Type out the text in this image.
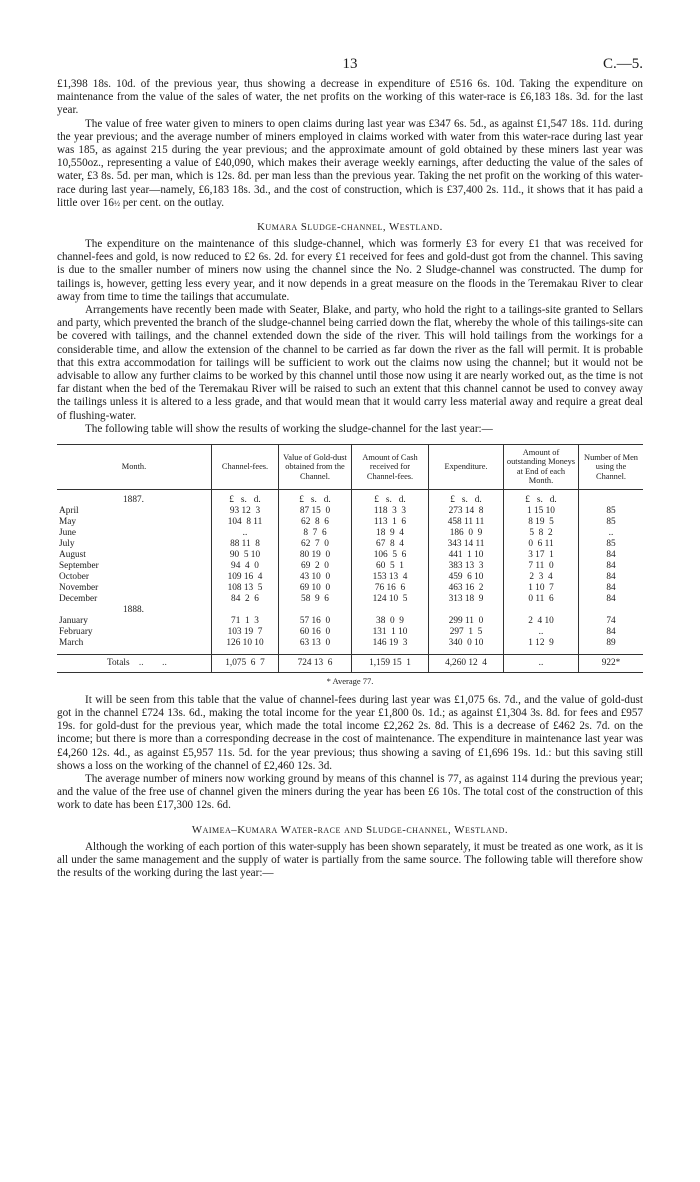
13	C.—5.

£1,398 18s. 10d. of the previous year, thus showing a decrease in expenditure of £516 6s. 10d. Taking the expenditure on maintenance from the value of the sales of water, the net profits on the working of this water-race is £6,183 18s. 3d. for the last year.

The value of free water given to miners to open claims during last year was £347 6s. 5d., as against £1,547 18s. 11d. during the year previous; and the average number of miners employed in claims worked with water from this water-race during last year was 185, as against 215 during the year previous; and the approximate amount of gold obtained by these miners last year was 10,550oz., representing a value of £40,090, which makes their average weekly earnings, after deducting the value of the sales of water, £3 8s. 5d. per man, which is 12s. 8d. per man less than the previous year. Taking the net profit on the working of this water-race during last year—namely, £6,183 18s. 3d., and the cost of construction, which is £37,400 2s. 11d., it shows that it has paid a little over 16½ per cent. on the outlay.

Kumara Sludge-channel, Westland.

The expenditure on the maintenance of this sludge-channel, which was formerly £3 for every £1 that was received for channel-fees and gold, is now reduced to £2 6s. 2d. for every £1 received for fees and gold-dust got from the channel. This saving is due to the smaller number of miners now using the channel since the No. 2 Sludge-channel was constructed. The dump for tailings is, however, getting less every year, and it now depends in a great measure on the floods in the Teremakau River to clear away from time to time the tailings that accumulate.

Arrangements have recently been made with Seater, Blake, and party, who hold the right to a tailings-site granted to Sellars and party, which prevented the branch of the sludge-channel being carried down the flat, whereby the whole of this tailings-site can be covered with tailings, and the channel extended down the side of the river. This will hold tailings from the workings for a considerable time, and allow the extension of the channel to be carried as far down the river as the fall will permit. It is probable that this extra accommodation for tailings will be sufficient to work out the claims now using the channel; but it would not be advisable to allow any further claims to be worked by this channel until those now using it are nearly worked out, as the time is not far distant when the bed of the Teremakau River will be raised to such an extent that this channel cannot be used to convey away the tailings unless it is altered to a less grade, and that would mean that it would carry less material away and require a great deal of flushing-water.

The following table will show the results of working the sludge-channel for the last year:—

Month.	Channel-fees.	Value of Gold-dust obtained from the Channel.	Amount of Cash received for Channel-fees.	Expenditure.	Amount of outstanding Moneys at End of each Month.	Number of Men using the Channel.

1887.	£   s.   d.	£   s.   d.	£   s.   d.	£   s.   d.	£   s.   d.	
April	93 12  3	87 15  0	118  3  3	273 14  8	1 15 10	85
May	104  8 11	62  8  6	113  1  6	458 11 11	8 19  5	85
June	..	8  7  6	18  9  4	186  0  9	5  8  2	..
July	88 11  8	62  7  0	67  8  4	343 14 11	0  6 11	85
August	90  5 10	80 19  0	106  5  6	441  1 10	3 17  1	84
September	94  4  0	69  2  0	60  5  1	383 13  3	7 11  0	84
October	109 16  4	43 10  0	153 13  4	459  6 10	2  3  4	84
November	108 13  5	69 10  0	76 16  6	463 16  2	1 10  7	84
December	84  2  6	58  9  6	124 10  5	313 18  9	0 11  6	84
1888.						
January	71  1  3	57 16  0	38  0  9	299 11  0	2  4 10	74
February	103 19  7	60 16  0	131  1 10	297  1  5	..	84
March	126 10 10	63 13  0	146 19  3	340  0 10	1 12  9	89

Totals    ..        ..	1,075  6  7	724 13  6	1,159 15  1	4,260 12  4	..	922*
* Average 77.

It will be seen from this table that the value of channel-fees during last year was £1,075 6s. 7d., and the value of gold-dust got in the channel £724 13s. 6d., making the total income for the year £1,800 0s. 1d.; as against £1,304 3s. 8d. for fees and £957 19s. for gold-dust for the previous year, which made the total income £2,262 2s. 8d. This is a decrease of £462 2s. 7d. on the income; but there is more than a corresponding decrease in the cost of maintenance. The expenditure in maintenance last year was £4,260 12s. 4d., as against £5,957 11s. 5d. for the year previous; thus showing a saving of £1,696 19s. 1d.: but this saving still shows a loss on the working of the channel of £2,460 12s. 3d.

The average number of miners now working ground by means of this channel is 77, as against 114 during the previous year; and the value of the free use of channel given the miners during the year has been £6 10s. The total cost of the construction of this work to date has been £17,300 12s. 6d.

Waimea–Kumara Water-race and Sludge-channel, Westland.

Although the working of each portion of this water-supply has been shown separately, it must be treated as one work, as it is all under the same management and the supply of water is partially from the same source. The following table will therefore show the results of the working during the last year:—
